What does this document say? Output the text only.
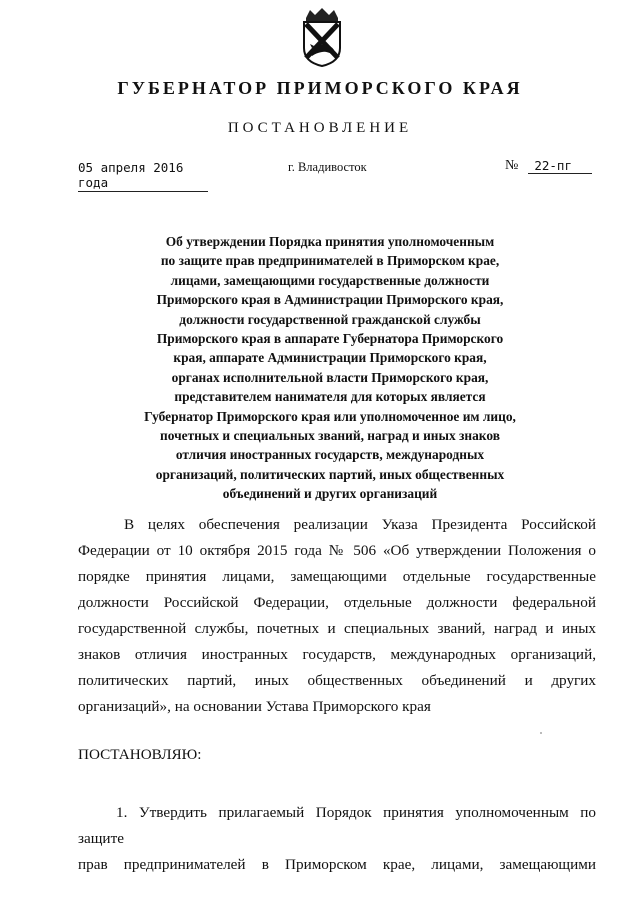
ГУБЕРНАТОР ПРИМОРСКОГО КРАЯ
ПОСТАНОВЛЕНИЕ
05 апреля 2016 года
г. Владивосток	№	22-пг
Об утверждении Порядка принятия уполномоченным
по защите прав предпринимателей в Приморском крае,
лицами, замещающими государственные должности
Приморского края в Администрации Приморского края,
должности государственной гражданской службы
Приморского края в аппарате Губернатора Приморского
края, аппарате Администрации Приморского края,
органах исполнительной власти Приморского края,
представителем нанимателя для которых является
Губернатор Приморского края или уполномоченное им лицо,
почетных и специальных званий, наград и иных знаков
отличия иностранных государств, международных
организаций, политических партий, иных общественных
объединений и других организаций
В целях обеспечения реализации Указа Президента Российской
Федерации от 10 октября 2015 года № 506 «Об утверждении Положения о
порядке принятия лицами, замещающими отдельные государственные
должности Российской Федерации, отдельные должности федеральной
государственной службы, почетных и специальных званий, наград и иных
знаков отличия иностранных государств, международных организаций,
политических партий, иных общественных объединений и других
организаций», на основании Устава Приморского края
ПОСТАНОВЛЯЮ:
1. Утвердить прилагаемый Порядок принятия уполномоченным по защите
прав предпринимателей в Приморском крае, лицами, замещающими
